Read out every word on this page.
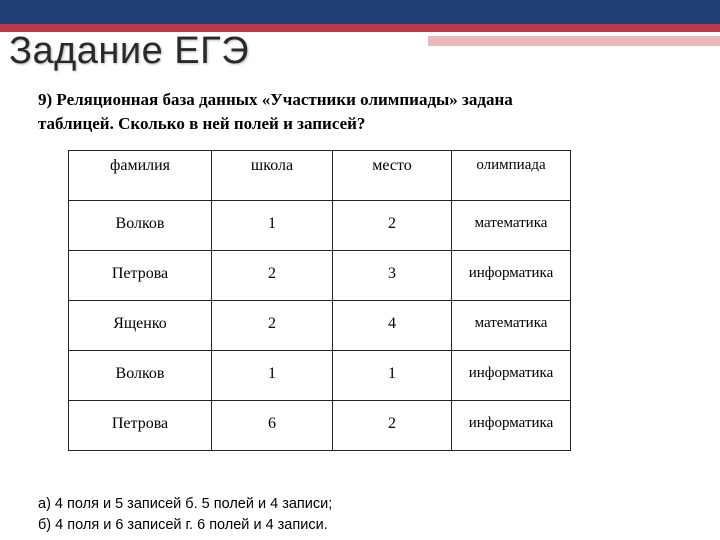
Задание ЕГЭ
9) Реляционная база данных «Участники олимпиады» задана
таблицей. Сколько в ней полей и записей?
фамилия	школа	место	олимпиада

Волков	1	2	математика

Петрова	2	3	информатика

Ященко	2	4	математика

Волков	1	1	информатика

Петрова	6	2	информатика
а) 4 поля и 5 записей б. 5 полей и 4 записи;
б) 4 поля и 6 записей г. 6 полей и 4 записи.
